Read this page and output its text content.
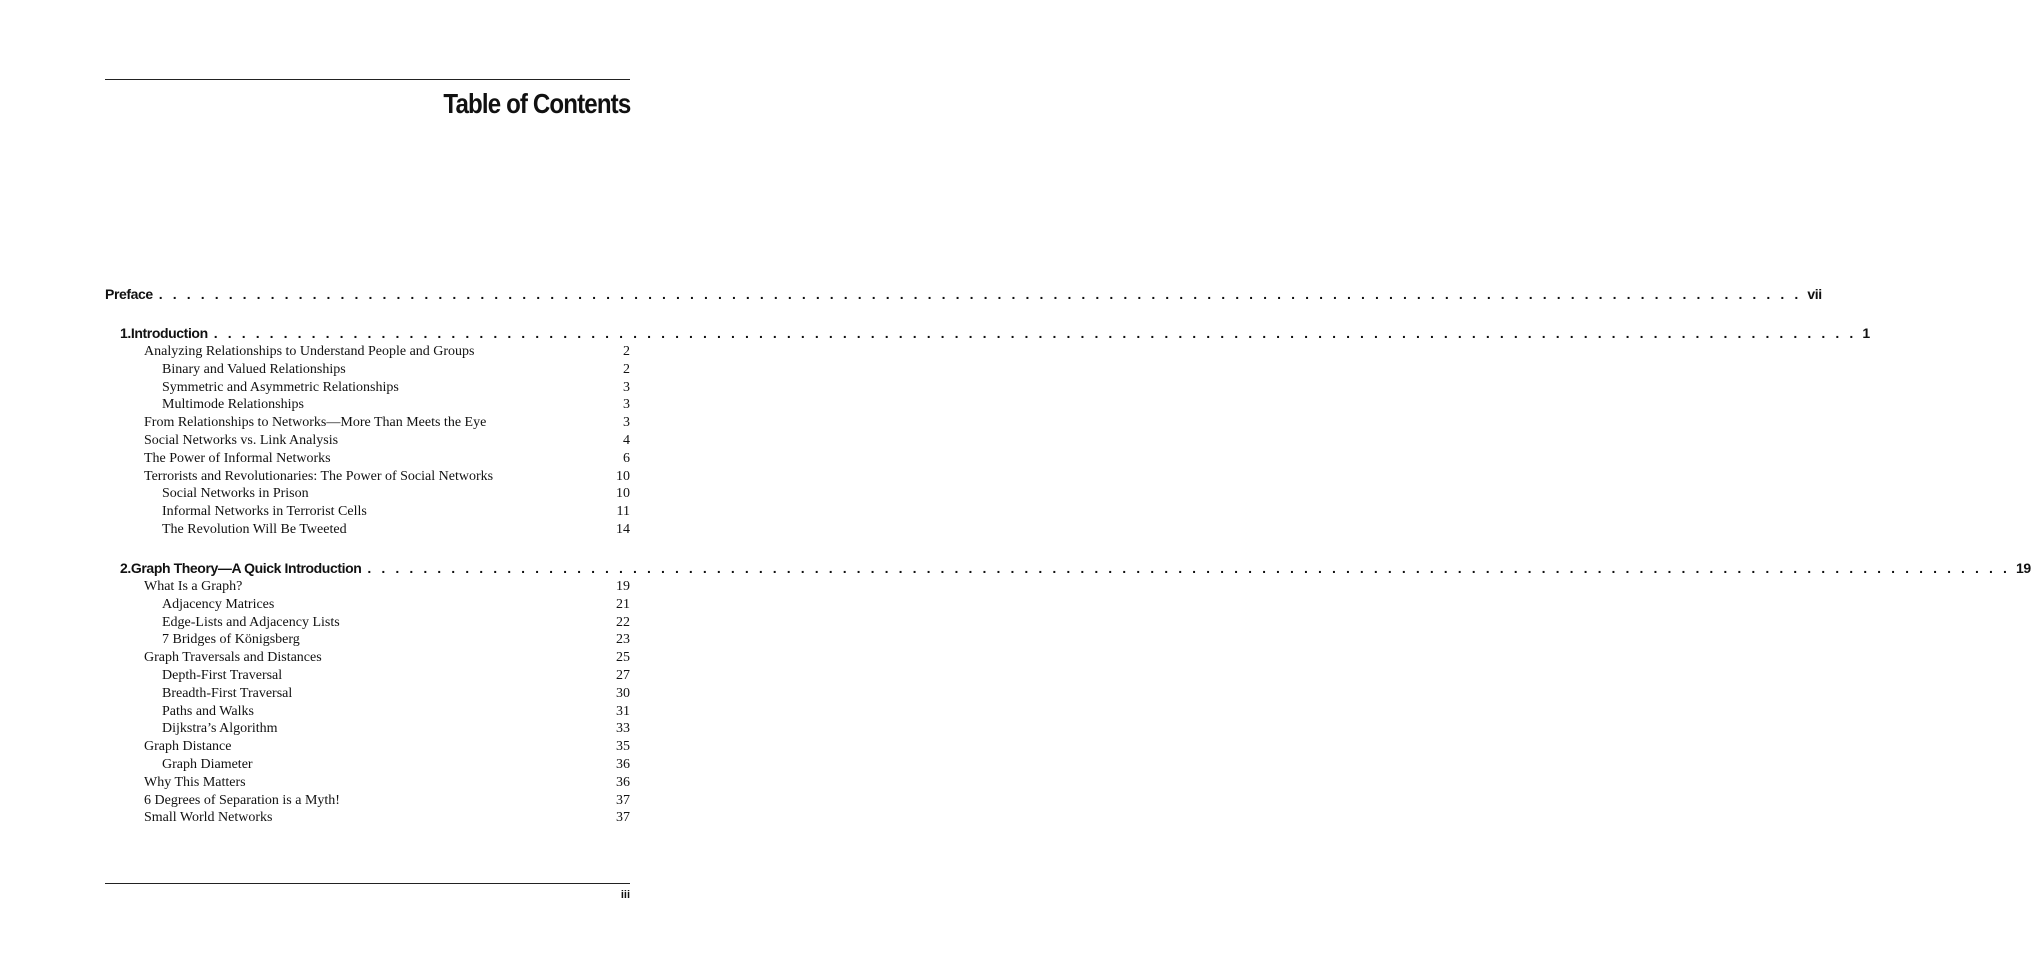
Table of Contents
Preface . . . . . . . . . . . . . . . . . . . . . . . . . . . . . . . . . . . . . . . . . . . . . . . . . . . . . . . . . . . . . . . . . . . . . . . . . . . . . . . . . . . . . . . . . . . . . . . . . . . . . . . . . . . . . . . . . . . . . . vii
1. Introduction . . . . . . . . . . . . . . . . . . . . . . . . . . . . . . . . . . . . . . . . . . . . . . . . . . . . . . . . . . . . . . . . . . . . . . . . . . . . . . . . . . . . . . . . . . . . . . . . . . . . . . . . . . . . . . . . . . . . . . 1
Analyzing Relationships to Understand People and Groups	2
Binary and Valued Relationships	2
Symmetric and Asymmetric Relationships	3
Multimode Relationships	3
From Relationships to Networks—More Than Meets the Eye	3
Social Networks vs. Link Analysis	4
The Power of Informal Networks	6
Terrorists and Revolutionaries: The Power of Social Networks	10
Social Networks in Prison	10
Informal Networks in Terrorist Cells	11
The Revolution Will Be Tweeted	14
2. Graph Theory—A Quick Introduction . . . . . . . . . . . . . . . . . . . . . . . . . . . . . . . . . . . . . . . . . . . . . . . . . . . . . . . . . . . . . . . . . . . . . . . . . . . . . . . . . . . . . . . . . . . . . . . . . . . . . . . . . . . . . . . . . . . . . . 19
What Is a Graph?	19
Adjacency Matrices	21
Edge-Lists and Adjacency Lists	22
7 Bridges of Königsberg	23
Graph Traversals and Distances	25
Depth-First Traversal	27
Breadth-First Traversal	30
Paths and Walks	31
Dijkstra’s Algorithm	33
Graph Distance	35
Graph Diameter	36
Why This Matters	36
6 Degrees of Separation is a Myth!	37
Small World Networks	37
iii
